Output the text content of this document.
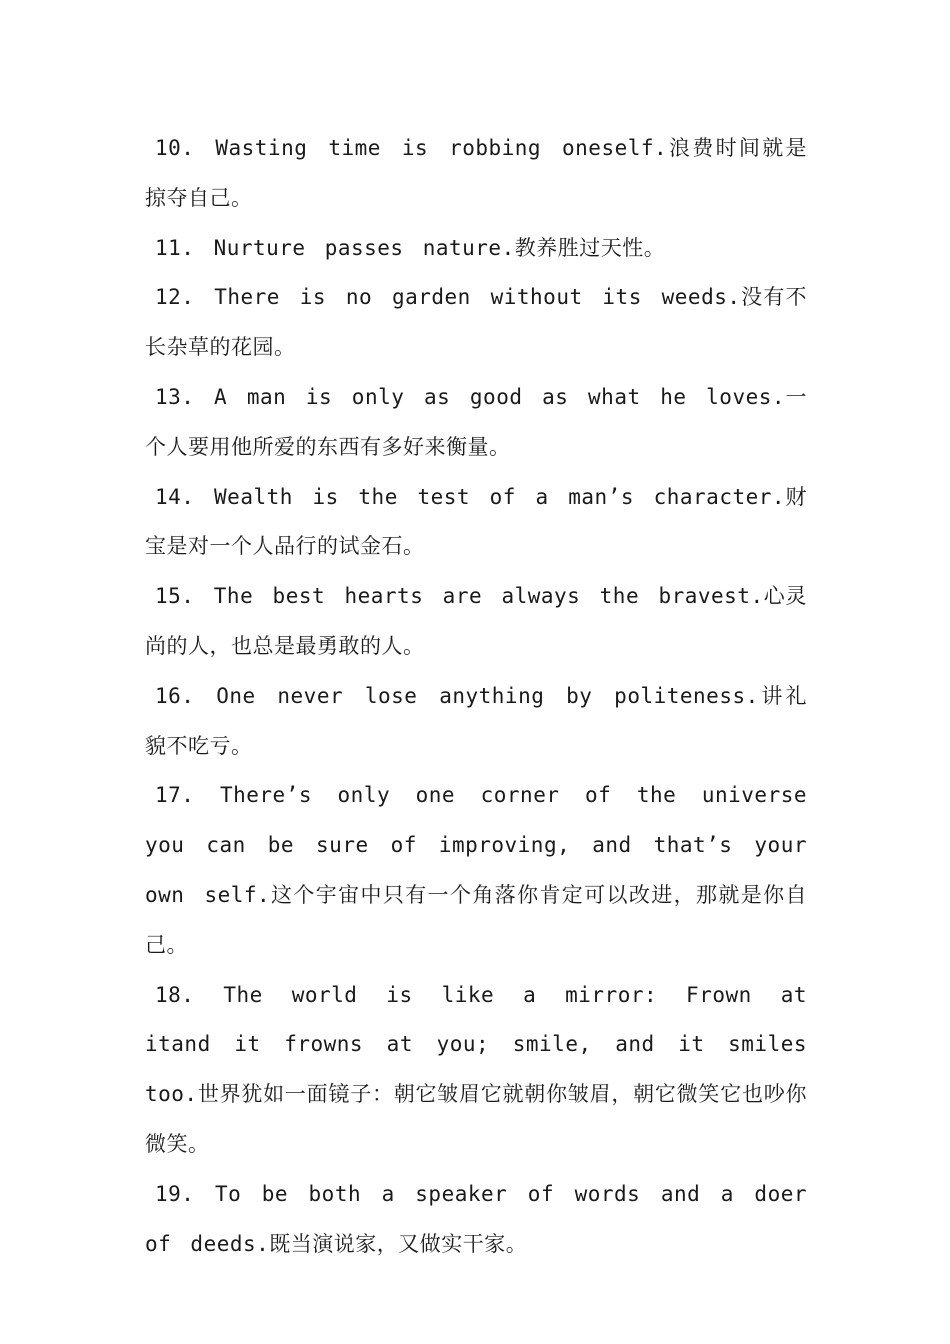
10. Wasting time is robbing oneself.浪费时间就是掠夺自己。

11. Nurture passes nature.教养胜过天性。

12. There is no garden without its weeds.没有不长杂草的花园。

13. A man is only as good as what he loves.一个人要用他所爱的东西有多好来衡量。

14. Wealth is the test of a man’s character.财宝是对一个人品行的试金石。

15. The best hearts are always the bravest.心灵尚的人，也总是最勇敢的人。

16. One never lose anything by politeness.讲礼貌不吃亏。

17. There’s only one corner of the universe you can be sure of improving, and that’s your own self.这个宇宙中只有一个角落你肯定可以改进，那就是你自己。

18. The world is like a mirror: Frown at itand it frowns at you; smile, and it smiles too.世界犹如一面镜子：朝它皱眉它就朝你皱眉，朝它微笑它也吵你微笑。

19. To be both a speaker of words and a doer of deeds.既当演说家，又做实干家。
